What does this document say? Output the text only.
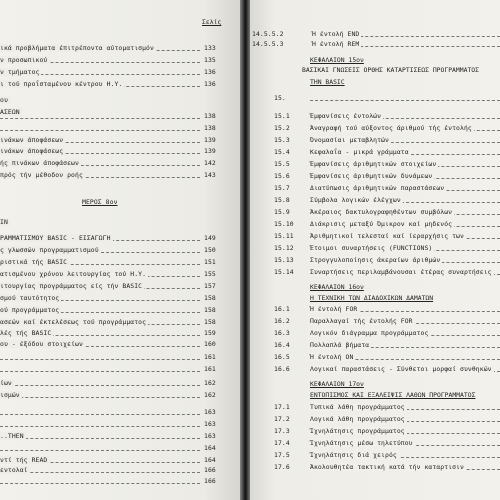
Σελίς
ικά προβλήματα έπιτρέποντα αύτοματισμόν	133
ν προσωπικού	135
ν τμήματος	136
ι τού προΐσταμένου κέντρου Η.Υ.	136
ου
ΑΣΕΩΝ	138
138
ινάκων άποφάσεων	139
ινάκων άποφάσεως	139
ής πινάκων άποφάσεων	142
πρός τήν μέθοδον ροής	143
ΜΕΡΟΣ 8ον
ΙΝ
ΡΑΜΜΑΤΙΣΜΟΥ BASIC - ΕΙΣΑΓΩΓΗ	149
ς γλωσσών προγραμματισμού	150
ριστικά τής BASIC	151
ατισμένου χρόνου λειτουργίας τού Η.Υ.	155
ιτουργίας προγράμματος είς τήν BASIC	157
σμού ταυτότητος	158
ού προγράμματος	158
ασεών καί έκτελέσεως τού προγράμματος	158
λές τής BASIC	159
ου - έξόδου στοιχείων	160
161
161
ίων	162
ισμών	162
163
163
..ΤΗΕΝ	163
164
ντί τής READ	164
εντολαί	166
166
14.5.5.2	Ή έντολή END
14.5.5.3	Ή έντολή REM
ΚΕΦΑΛΑΙΟΝ 15ον
ΒΑΣΙΚΑΙ ΓΝΩΣΕΙΣ ΟΡΘΗΣ ΚΑΤΑΡΤΙΣΕΩΣ ΠΡΟΓΡΑΜΜΑΤΟΣ
ΤΗΝ BASIC
15.
15.1	Έμφανίσεις έντολών
15.2	Άναγραφή τού αύξοντος άριθμού τής έντολής
15.3	Όνομασίαι μεταβλητών
15.4	Κεφαλαΐα - μικρά γράμματα
15.5	Έμφανίσεις άριθμητικών στοιχείων
15.6	Έμφανίσεις άριθμητικών δυνάμεων
15.7	Διατύπωσις άριθμητικών παραστάσεων
15.8	Σύμβολα λογικών έλέγχων
15.9	Άκέραιος δακτυλογραφηθέντων συμβόλων
15.10	Διάκρισις μεταξύ Όμικρον καί μηδενός
15.11	Άριθμητικοί τελεσταί καί ίεραρχήσις των
15.12	Έτοιμοι συναρτήσεις (FUNCTIONS)
15.13	Στρογγυλοποίησις άκεραίων άριθμών
15.14	Συναρτήσεις περιλαμβάνουσαι έτέρας συναρτήσεις
ΚΕΦΑΛΑΙΟΝ 16ον
Η ΤΕΧΝΙΚΗ ΤΩΝ ΔΙΑΔΟΧΙΚΩΝ ΔΑΜΑΤΩΝ
16.1	Ή έντολή FOR
16.2	Παραλλαγαί τής έντολής FOR
16.3	Λογικόν διάγραμμα προγράμματος
16.4	Πολλαπλά βήματα
16.5	Ή έντολή ON
16.6	Λογικαί παραστάσεις - Σύνθετοι μορφαί συνθηκών
ΚΕΦΑΛΑΙΟΝ 17ον
ΕΝΤΟΠΙΣΜΟΣ ΚΑΙ ΕΞΑΛΕΙΨΙΣ ΛΑΘΩΝ ΠΡΟΓΡΑΜΜΑΤΟΣ
17.1	Τυπικά λάθη προγράμματος
17.2	Λογικά λάθη προγράμματος
17.3	Ίχνηλάτησις προγράμματος
17.4	Ίχνηλάτησις μέσω τηλετύπου
17.5	Ίχνηλάτησις διά χειρός
17.6	Άκολουθητέα τακτική κατά τήν καταρτισιν
